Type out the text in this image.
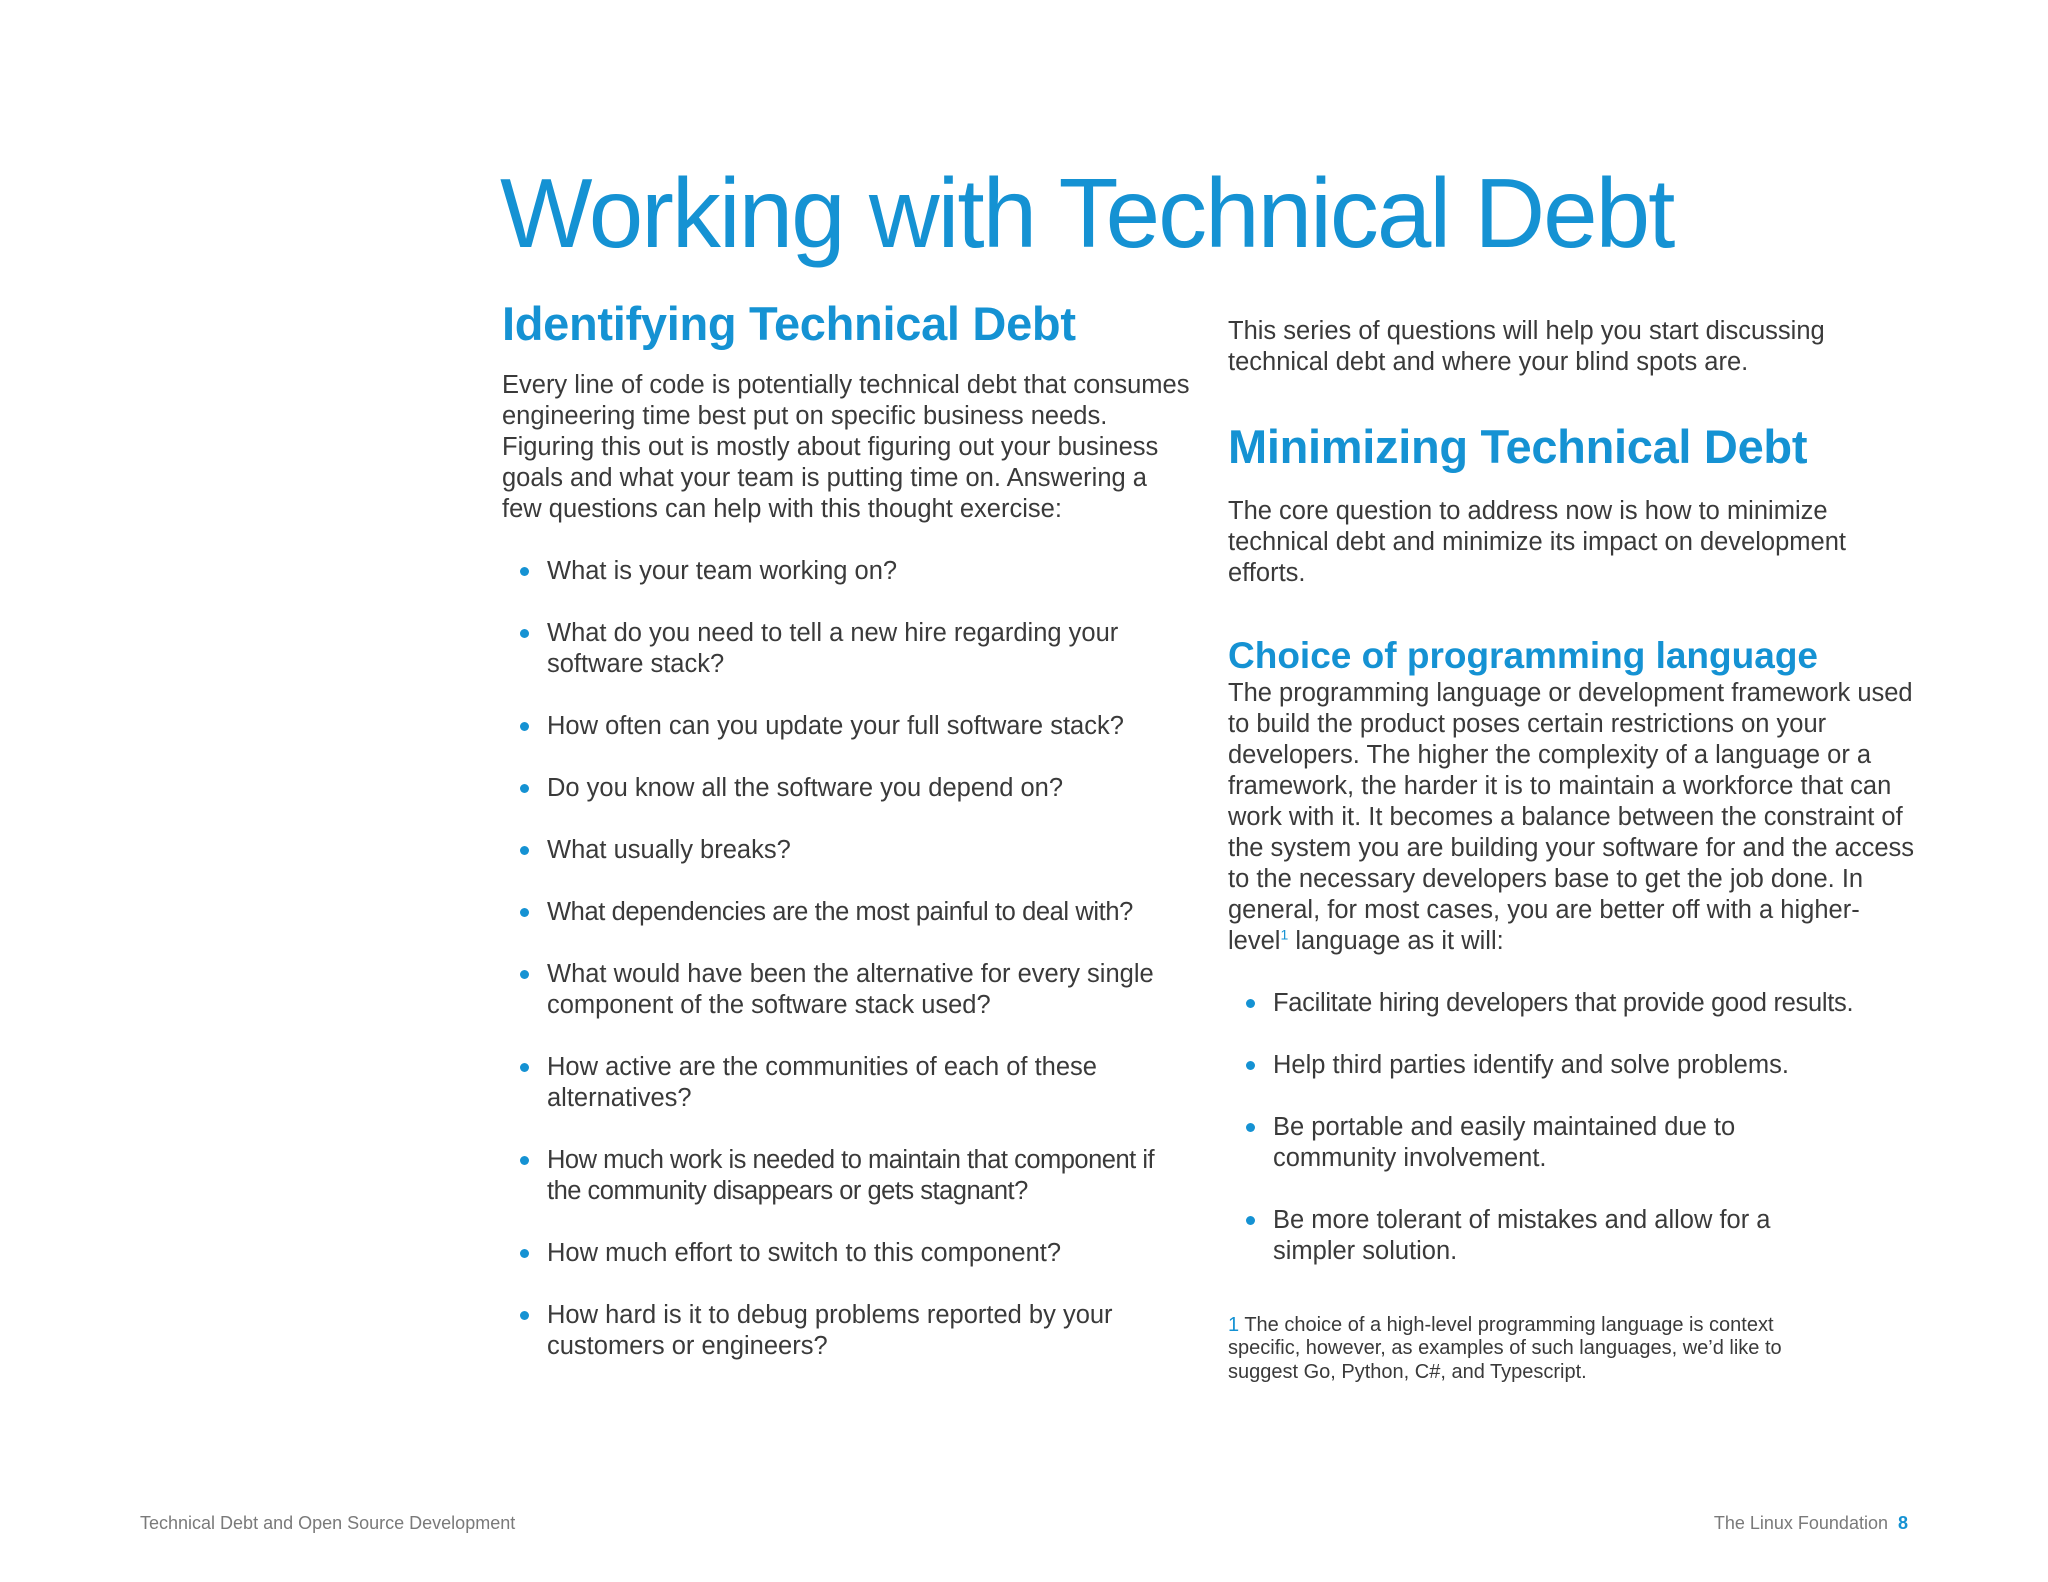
Working with Technical Debt
Identifying Technical Debt

Every line of code is potentially technical debt that consumes engineering time best put on specific business needs. Figuring this out is mostly about figuring out your business goals and what your team is putting time on. Answering a few questions can help with this thought exercise:

What is your team working on?
What do you need to tell a new hire regarding your software stack?
How often can you update your full software stack?
Do you know all the software you depend on?
What usually breaks?
What dependencies are the most painful to deal with?
What would have been the alternative for every single component of the software stack used?
How active are the communities of each of these alternatives?
How much work is needed to maintain that component if the community disappears or gets stagnant?
How much effort to switch to this component?
How hard is it to debug problems reported by your customers or engineers?

This series of questions will help you start discussing technical debt and where your blind spots are.

Minimizing Technical Debt

The core question to address now is how to minimize technical debt and minimize its impact on development efforts.

Choice of programming language

The programming language or development framework used to build the product poses certain restrictions on your developers. The higher the complexity of a language or a framework, the harder it is to maintain a workforce that can work with it. It becomes a balance between the constraint of the system you are building your software for and the access to the necessary developers base to get the job done. In general, for most cases, you are better off with a higher-level$^1$ language as it will:

Facilitate hiring developers that provide good results.
Help third parties identify and solve problems.
Be portable and easily maintained due to community involvement.
Be more tolerant of mistakes and allow for a simpler solution.

1 The choice of a high-level programming language is context specific, however, as examples of such languages, we’d like to suggest Go, Python, C#, and Typescript.

Technical Debt and Open Source Development	The Linux Foundation 8
